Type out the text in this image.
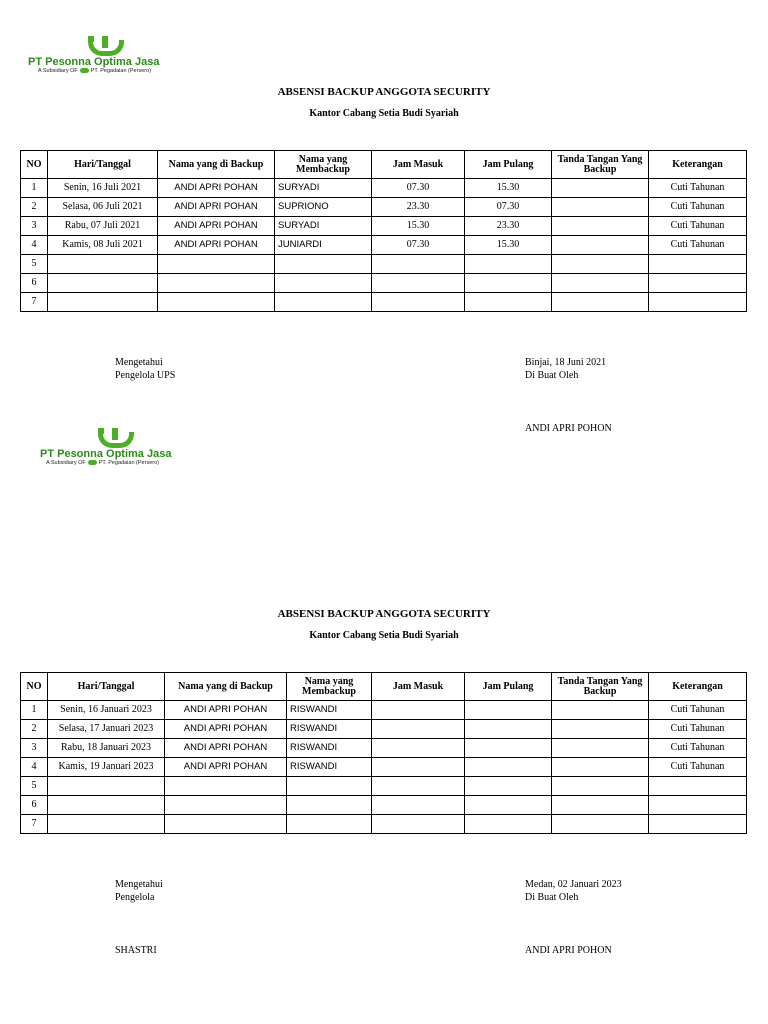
PT Pesonna Optima Jasa
A Subsidiary OF PT. Pegadaian (Persero)
ABSENSI BACKUP ANGGOTA SECURITY
Kantor Cabang Setia Budi Syariah
NO	Hari/Tanggal	Nama yang di Backup	Nama yang Membackup	Jam Masuk	Jam Pulang	Tanda Tangan Yang Backup	Keterangan
1	Senin, 16 Juli 2021	ANDI APRI POHAN	SURYADI	07.30	15.30		Cuti Tahunan
2	Selasa, 06 Juli 2021	ANDI APRI POHAN	SUPRIONO	23.30	07.30		Cuti Tahunan
3	Rabu, 07 Juli 2021	ANDI APRI POHAN	SURYADI	15.30	23.30		Cuti Tahunan
4	Kamis, 08 Juli 2021	ANDI APRI POHAN	JUNIARDI	07.30	15.30		Cuti Tahunan
5							
6							
7							
Mengetahui
Pengelola UPS
Binjai, 18 Juni 2021
Di Buat Oleh
ANDI APRI POHON
PT Pesonna Optima Jasa
A Subsidiary OF PT. Pegadaian (Persero)
ABSENSI BACKUP ANGGOTA SECURITY
Kantor Cabang Setia Budi Syariah
NO	Hari/Tanggal	Nama yang di Backup	Nama yang Membackup	Jam Masuk	Jam Pulang	Tanda Tangan Yang Backup	Keterangan
1	Senin, 16 Januari 2023	ANDI APRI POHAN	RISWANDI				Cuti Tahunan
2	Selasa, 17 Januari 2023	ANDI APRI POHAN	RISWANDI				Cuti Tahunan
3	Rabu, 18 Januari 2023	ANDI APRI POHAN	RISWANDI				Cuti Tahunan
4	Kamis, 19 Januari 2023	ANDI APRI POHAN	RISWANDI				Cuti Tahunan
5							
6							
7							
Mengetahui
Pengelola
Medan, 02 Januari 2023
Di Buat Oleh
SHASTRI	ANDI APRI POHON
